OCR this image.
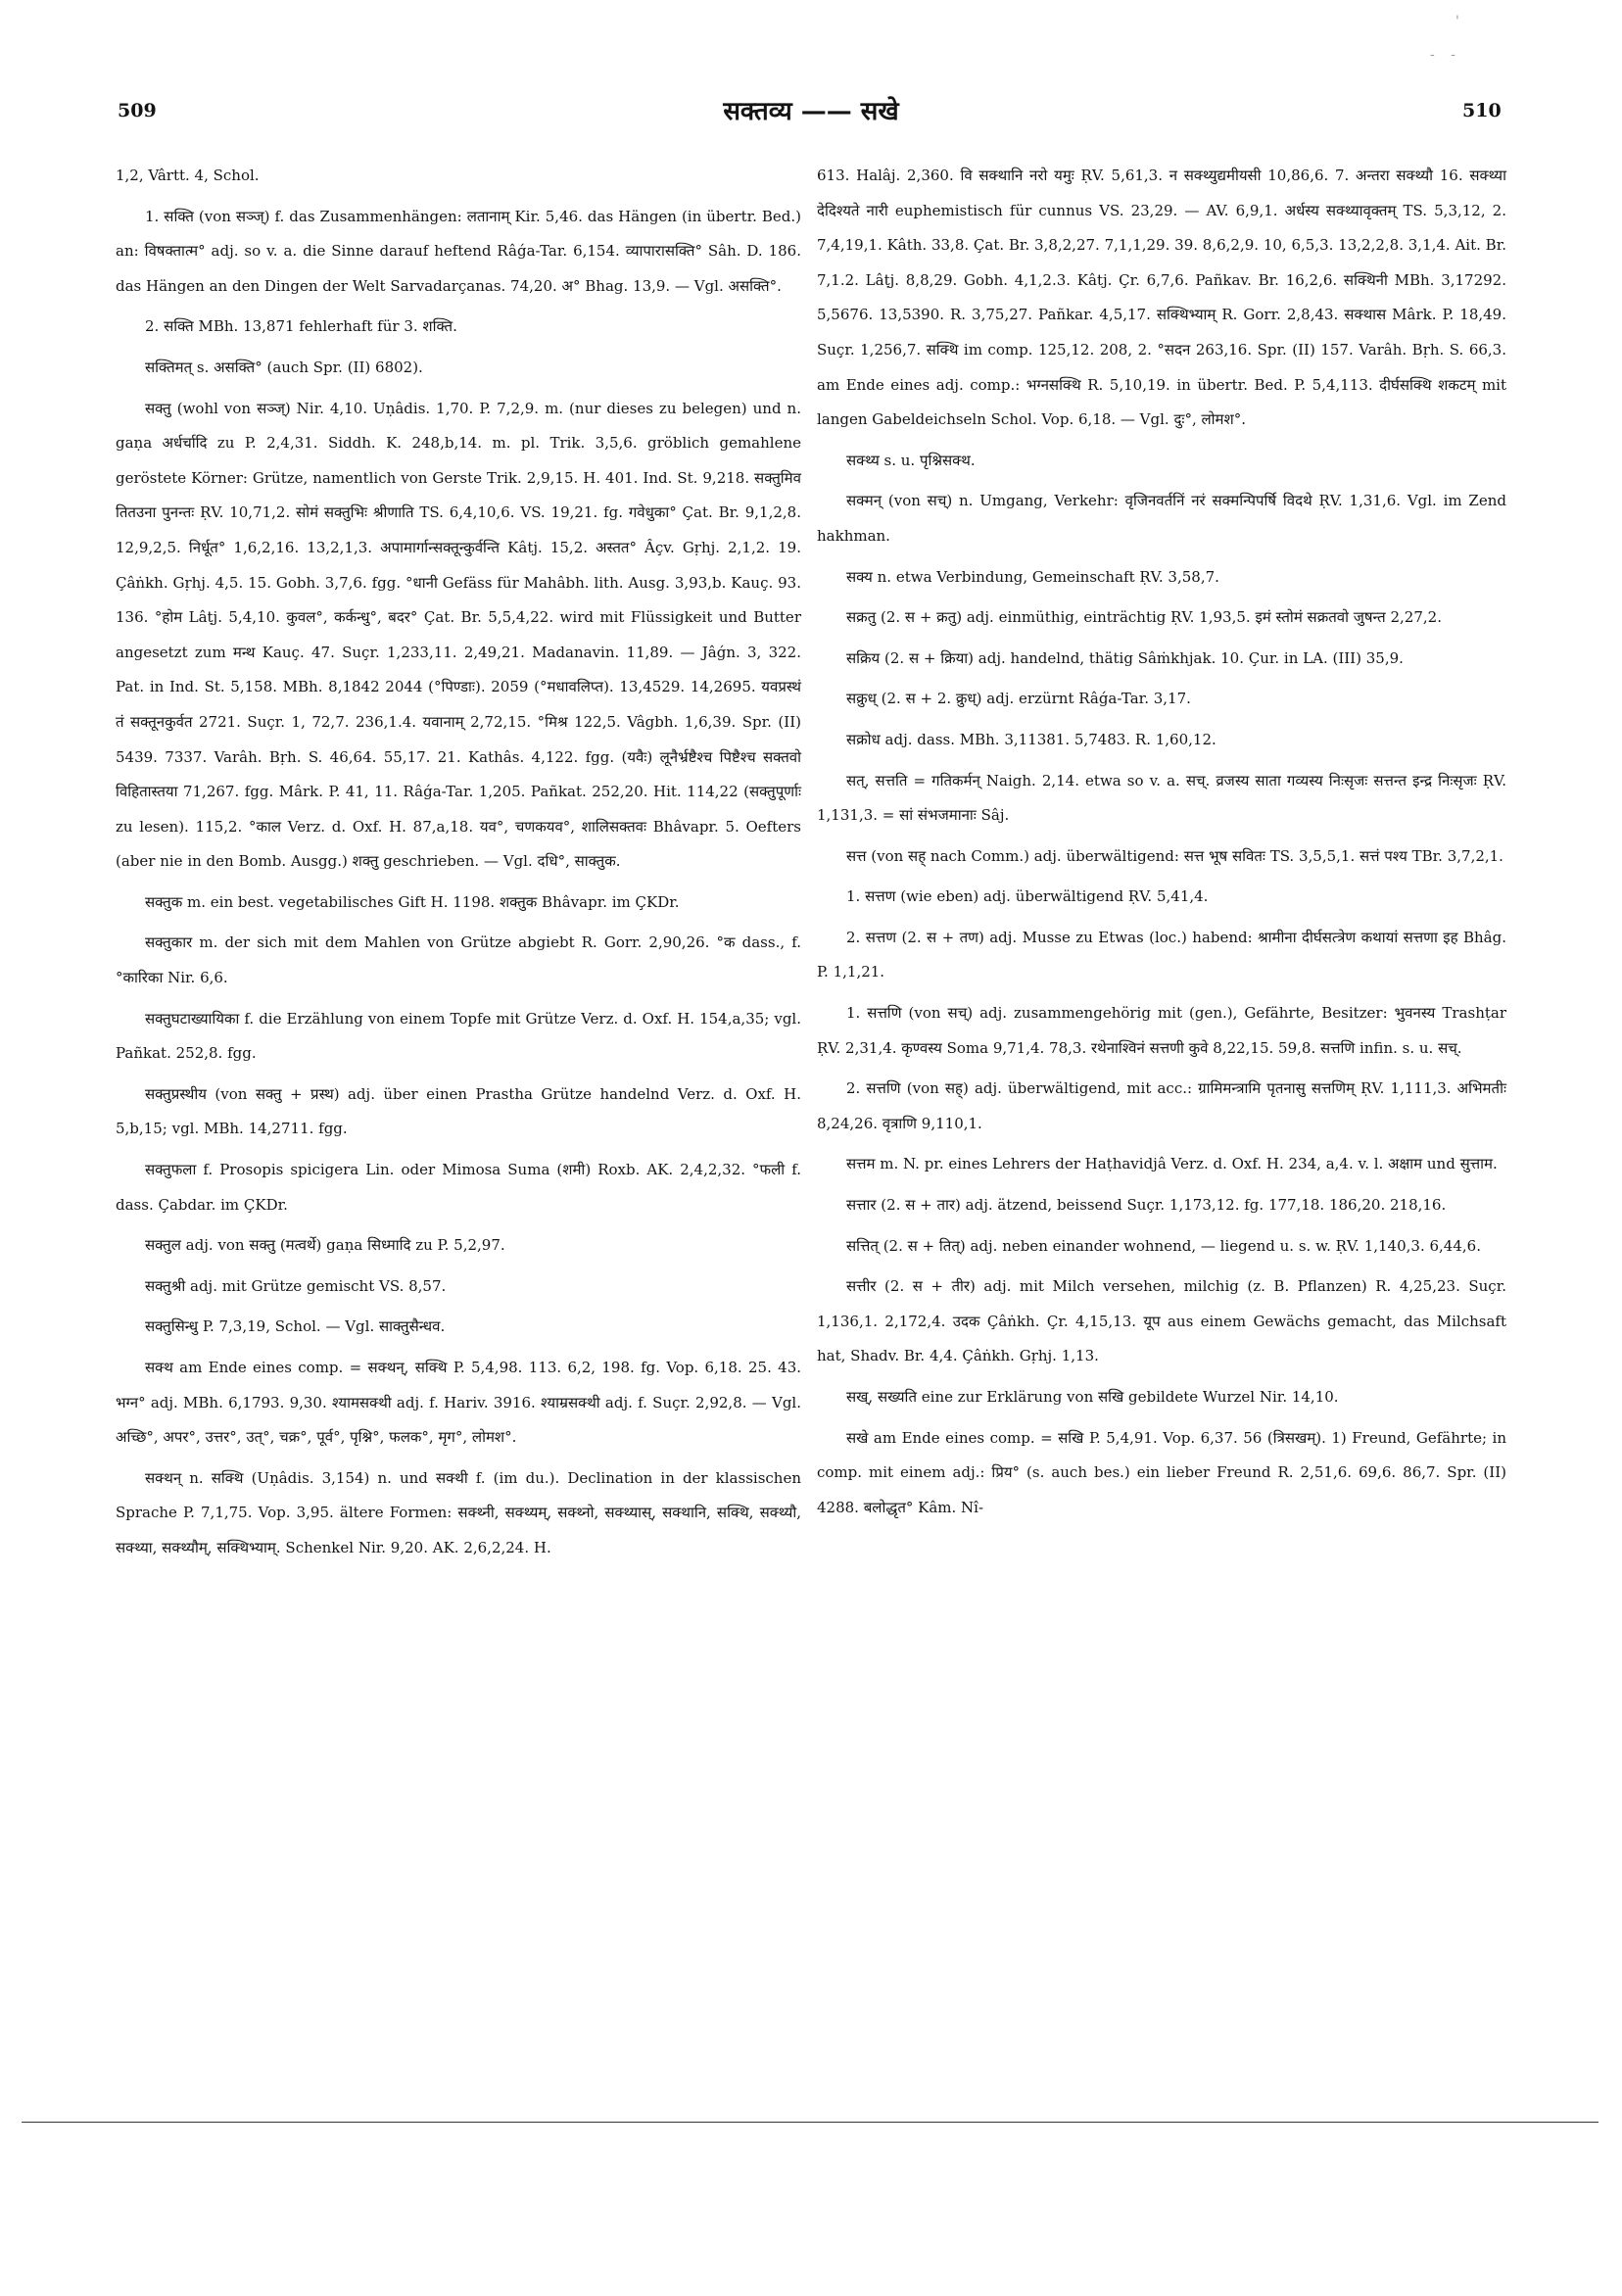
'
- -
509	सक्तव्य —— सखे	510

1,2, Vârtt. 4, Schol.

1. सक्ति (von सञ्ज्) f. das Zusammenhängen: लतानाम् Kir. 5,46. das Hängen (in übertr. Bed.) an: विषक्तात्म° adj. so v. a. die Sinne darauf heftend Râǵa-Tar. 6,154. व्यापारासक्ति° Sâh. D. 186. das Hängen an den Dingen der Welt Sarvadarçanas. 74,20. अ° Bhag. 13,9. — Vgl. असक्ति°.

2. सक्ति MBh. 13,871 fehlerhaft für 3. शक्ति.

सक्तिमत् s. असक्ति° (auch Spr. (II) 6802).

सक्तु (wohl von सञ्ज्) Nir. 4,10. Uṇâdis. 1,70. P. 7,2,9. m. (nur dieses zu belegen) und n. gaṇa अर्धर्चादि zu P. 2,4,31. Siddh. K. 248,b,14. m. pl. Trik. 3,5,6. gröblich gemahlene geröstete Körner: Grütze, namentlich von Gerste Trik. 2,9,15. H. 401. Ind. St. 9,218. सक्तुमिव तितउना पुनन्तः ṚV. 10,71,2. सोमं सक्तुभिः श्रीणाति TS. 6,4,10,6. VS. 19,21. fg. गवेधुका° Çat. Br. 9,1,2,8. 12,9,2,5. निर्धूत° 1,6,2,16. 13,2,1,3. अपामार्गान्सक्तून्कुर्वन्ति Kâtj. 15,2. अस्तत° Âçv. Gṛhj. 2,1,2. 19. Çâṅkh. Gṛhj. 4,5. 15. Gobh. 3,7,6. fgg. °धानी Gefäss für Mahâbh. lith. Ausg. 3,93,b. Kauç. 93. 136. °होम Lâṭj. 5,4,10. कुवल°, कर्कन्धु°, बदर° Çat. Br. 5,5,4,22. wird mit Flüssigkeit und Butter angesetzt zum मन्थ Kauç. 47. Suçr. 1,233,11. 2,49,21. Madanavin. 11,89. — Jâǵn. 3, 322. Pat. in Ind. St. 5,158. MBh. 8,1842 2044 (°पिण्डाः). 2059 (°मधावलिप्त). 13,4529. 14,2695. यवप्रस्थं तं सक्तूनकुर्वत 2721. Suçr. 1, 72,7. 236,1.4. यवानाम् 2,72,15. °मिश्र 122,5. Vâgbh. 1,6,39. Spr. (II) 5439. 7337. Varâh. Bṛh. S. 46,64. 55,17. 21. Kathâs. 4,122. fgg. (यवैः) लूनैर्भ्रष्टैश्च पिष्टैश्च सक्तवो विहितास्तया 71,267. fgg. Mârk. P. 41, 11. Râǵa-Tar. 1,205. Pañkat. 252,20. Hit. 114,22 (सक्तुपूर्णाः zu lesen). 115,2. °काल Verz. d. Oxf. H. 87,a,18. यव°, चणकयव°, शालिसक्तवः Bhâvapr. 5. Oefters (aber nie in den Bomb. Ausgg.) शक्तु geschrieben. — Vgl. दधि°, साक्तुक.

सक्तुक m. ein best. vegetabilisches Gift H. 1198. शक्तुक Bhâvapr. im ÇKDr.

सक्तुकार m. der sich mit dem Mahlen von Grütze abgiebt R. Gorr. 2,90,26. °क dass., f. °कारिका Nir. 6,6.

सक्तुघटाख्यायिका f. die Erzählung von einem Topfe mit Grütze Verz. d. Oxf. H. 154,a,35; vgl. Pañkat. 252,8. fgg.

सक्तुप्रस्थीय (von सक्तु + प्रस्थ) adj. über einen Prastha Grütze handelnd Verz. d. Oxf. H. 5,b,15; vgl. MBh. 14,2711. fgg.

सक्तुफला f. Prosopis spicigera Lin. oder Mimosa Suma (शमी) Roxb. AK. 2,4,2,32. °फली f. dass. Çabdar. im ÇKDr.

सक्तुल adj. von सक्तु (मत्वर्थे) gaṇa सिध्मादि zu P. 5,2,97.

सक्तुश्री adj. mit Grütze gemischt VS. 8,57.

सक्तुसिन्धु P. 7,3,19, Schol. — Vgl. साक्तुसैन्धव.

सक्थ am Ende eines comp. = सक्थन्, सक्थि P. 5,4,98. 113. 6,2, 198. fg. Vop. 6,18. 25. 43. भग्न° adj. MBh. 6,1793. 9,30. श्यामसक्थी adj. f. Hariv. 3916. श्याम्रसक्थी adj. f. Suçr. 2,92,8. — Vgl. अच्छि°, अपर°, उत्तर°, उत्°, चक्र°, पूर्व°, पृश्नि°, फलक°, मृग°, लोमश°.

सक्थन् n. सक्थि (Uṇâdis. 3,154) n. und सक्थी f. (im du.). Declination in der klassischen Sprache P. 7,1,75. Vop. 3,95. ältere Formen: सक्थ्नी, सक्थ्यम्, सक्थ्नो, सक्थ्यास्, सक्थानि, सक्थि, सक्थ्यौ, सक्थ्या, सक्थ्यौम्, सक्थिभ्याम्. Schenkel Nir. 9,20. AK. 2,6,2,24. H.

613. Halâj. 2,360. वि सक्थानि नरो यमुः ṚV. 5,61,3. न सक्थ्युद्यमीयसी 10,86,6. 7. अन्तरा सक्थ्यौ 16. सक्थ्या देदिश्यते नारी euphemistisch für cunnus VS. 23,29. — AV. 6,9,1. अर्धस्य सक्थ्यावृक्तम् TS. 5,3,12, 2. 7,4,19,1. Kâth. 33,8. Çat. Br. 3,8,2,27. 7,1,1,29. 39. 8,6,2,9. 10, 6,5,3. 13,2,2,8. 3,1,4. Ait. Br. 7,1.2. Lâṭj. 8,8,29. Gobh. 4,1,2.3. Kâtj. Çr. 6,7,6. Pañkav. Br. 16,2,6. सक्थिनी MBh. 3,17292. 5,5676. 13,5390. R. 3,75,27. Pañkar. 4,5,17. सक्थिभ्याम् R. Gorr. 2,8,43. सक्थास Mârk. P. 18,49. Suçr. 1,256,7. सक्थि im comp. 125,12. 208, 2. °सदन 263,16. Spr. (II) 157. Varâh. Bṛh. S. 66,3. am Ende eines adj. comp.: भग्नसक्थि R. 5,10,19. in übertr. Bed. P. 5,4,113. दीर्घसक्थि शकटम् mit langen Gabeldeichseln Schol. Vop. 6,18. — Vgl. दुः°, लोमश°.

सक्थ्य s. u. पृश्निसक्थ.

सक्मन् (von सच्) n. Umgang, Verkehr: वृजिनवर्तनिं नरं सक्मन्पिपर्षि विदथे ṚV. 1,31,6. Vgl. im Zend hakhman.

सक्य n. etwa Verbindung, Gemeinschaft ṚV. 3,58,7.

सक्रतु (2. स + क्रतु) adj. einmüthig, einträchtig ṚV. 1,93,5. इमं स्तोमं सक्रतवो जुषन्त 2,27,2.

सक्रिय (2. स + क्रिया) adj. handelnd, thätig Sâṁkhjak. 10. Çur. in LA. (III) 35,9.

सक्रुध् (2. स + 2. क्रुध्) adj. erzürnt Râǵa-Tar. 3,17.

सक्रोध adj. dass. MBh. 3,11381. 5,7483. R. 1,60,12.

सत्, सत्तति = गतिकर्मन् Naigh. 2,14. etwa so v. a. सच्. व्रजस्य साता गव्यस्य निःसृजः सत्तन्त इन्द्र निःसृजः ṚV. 1,131,3. = सां संभजमानाः Sâj.

सत्त (von सह् nach Comm.) adj. überwältigend: सत्त भूष सवितः TS. 3,5,5,1. सत्तं पश्य TBr. 3,7,2,1.

1. सत्तण (wie eben) adj. überwältigend ṚV. 5,41,4.

2. सत्तण (2. स + तण) adj. Musse zu Etwas (loc.) habend: श्रामीना दीर्घसत्त्रेण कथायां सत्तणा इह Bhâg. P. 1,1,21.

1. सत्तणि (von सच्) adj. zusammengehörig mit (gen.), Gefährte, Besitzer: भुवनस्य Trashṭar ṚV. 2,31,4. कृण्वस्य Soma 9,71,4. 78,3. रथेनाश्विनं सत्तणी कुवे 8,22,15. 59,8. सत्तणि infin. s. u. सच्.

2. सत्तणि (von सह्) adj. überwältigend, mit acc.: ग्रामिमन्त्रामि पृतनासु सत्तणिम् ṚV. 1,111,3. अभिमतीः 8,24,26. वृत्राणि 9,110,1.

सत्तम m. N. pr. eines Lehrers der Haṭhavidjâ Verz. d. Oxf. H. 234, a,4. v. l. अक्षाम und सुत्ताम.

सत्तार (2. स + तार) adj. ätzend, beissend Suçr. 1,173,12. fg. 177,18. 186,20. 218,16.

सत्तित् (2. स + तित्) adj. neben einander wohnend, — liegend u. s. w. ṚV. 1,140,3. 6,44,6.

सत्तीर (2. स + तीर) adj. mit Milch versehen, milchig (z. B. Pflanzen) R. 4,25,23. Suçr. 1,136,1. 2,172,4. उदक Çâṅkh. Çr. 4,15,13. यूप aus einem Gewächs gemacht, das Milchsaft hat, Shadv. Br. 4,4. Çâṅkh. Gṛhj. 1,13.

सख्, सख्यति eine zur Erklärung von सखि gebildete Wurzel Nir. 14,10.

सखे am Ende eines comp. = सखि P. 5,4,91. Vop. 6,37. 56 (त्रिसखम्). 1) Freund, Gefährte; in comp. mit einem adj.: प्रिय° (s. auch bes.) ein lieber Freund R. 2,51,6. 69,6. 86,7. Spr. (II) 4288. बलोद्धृत° Kâm. Nî-
